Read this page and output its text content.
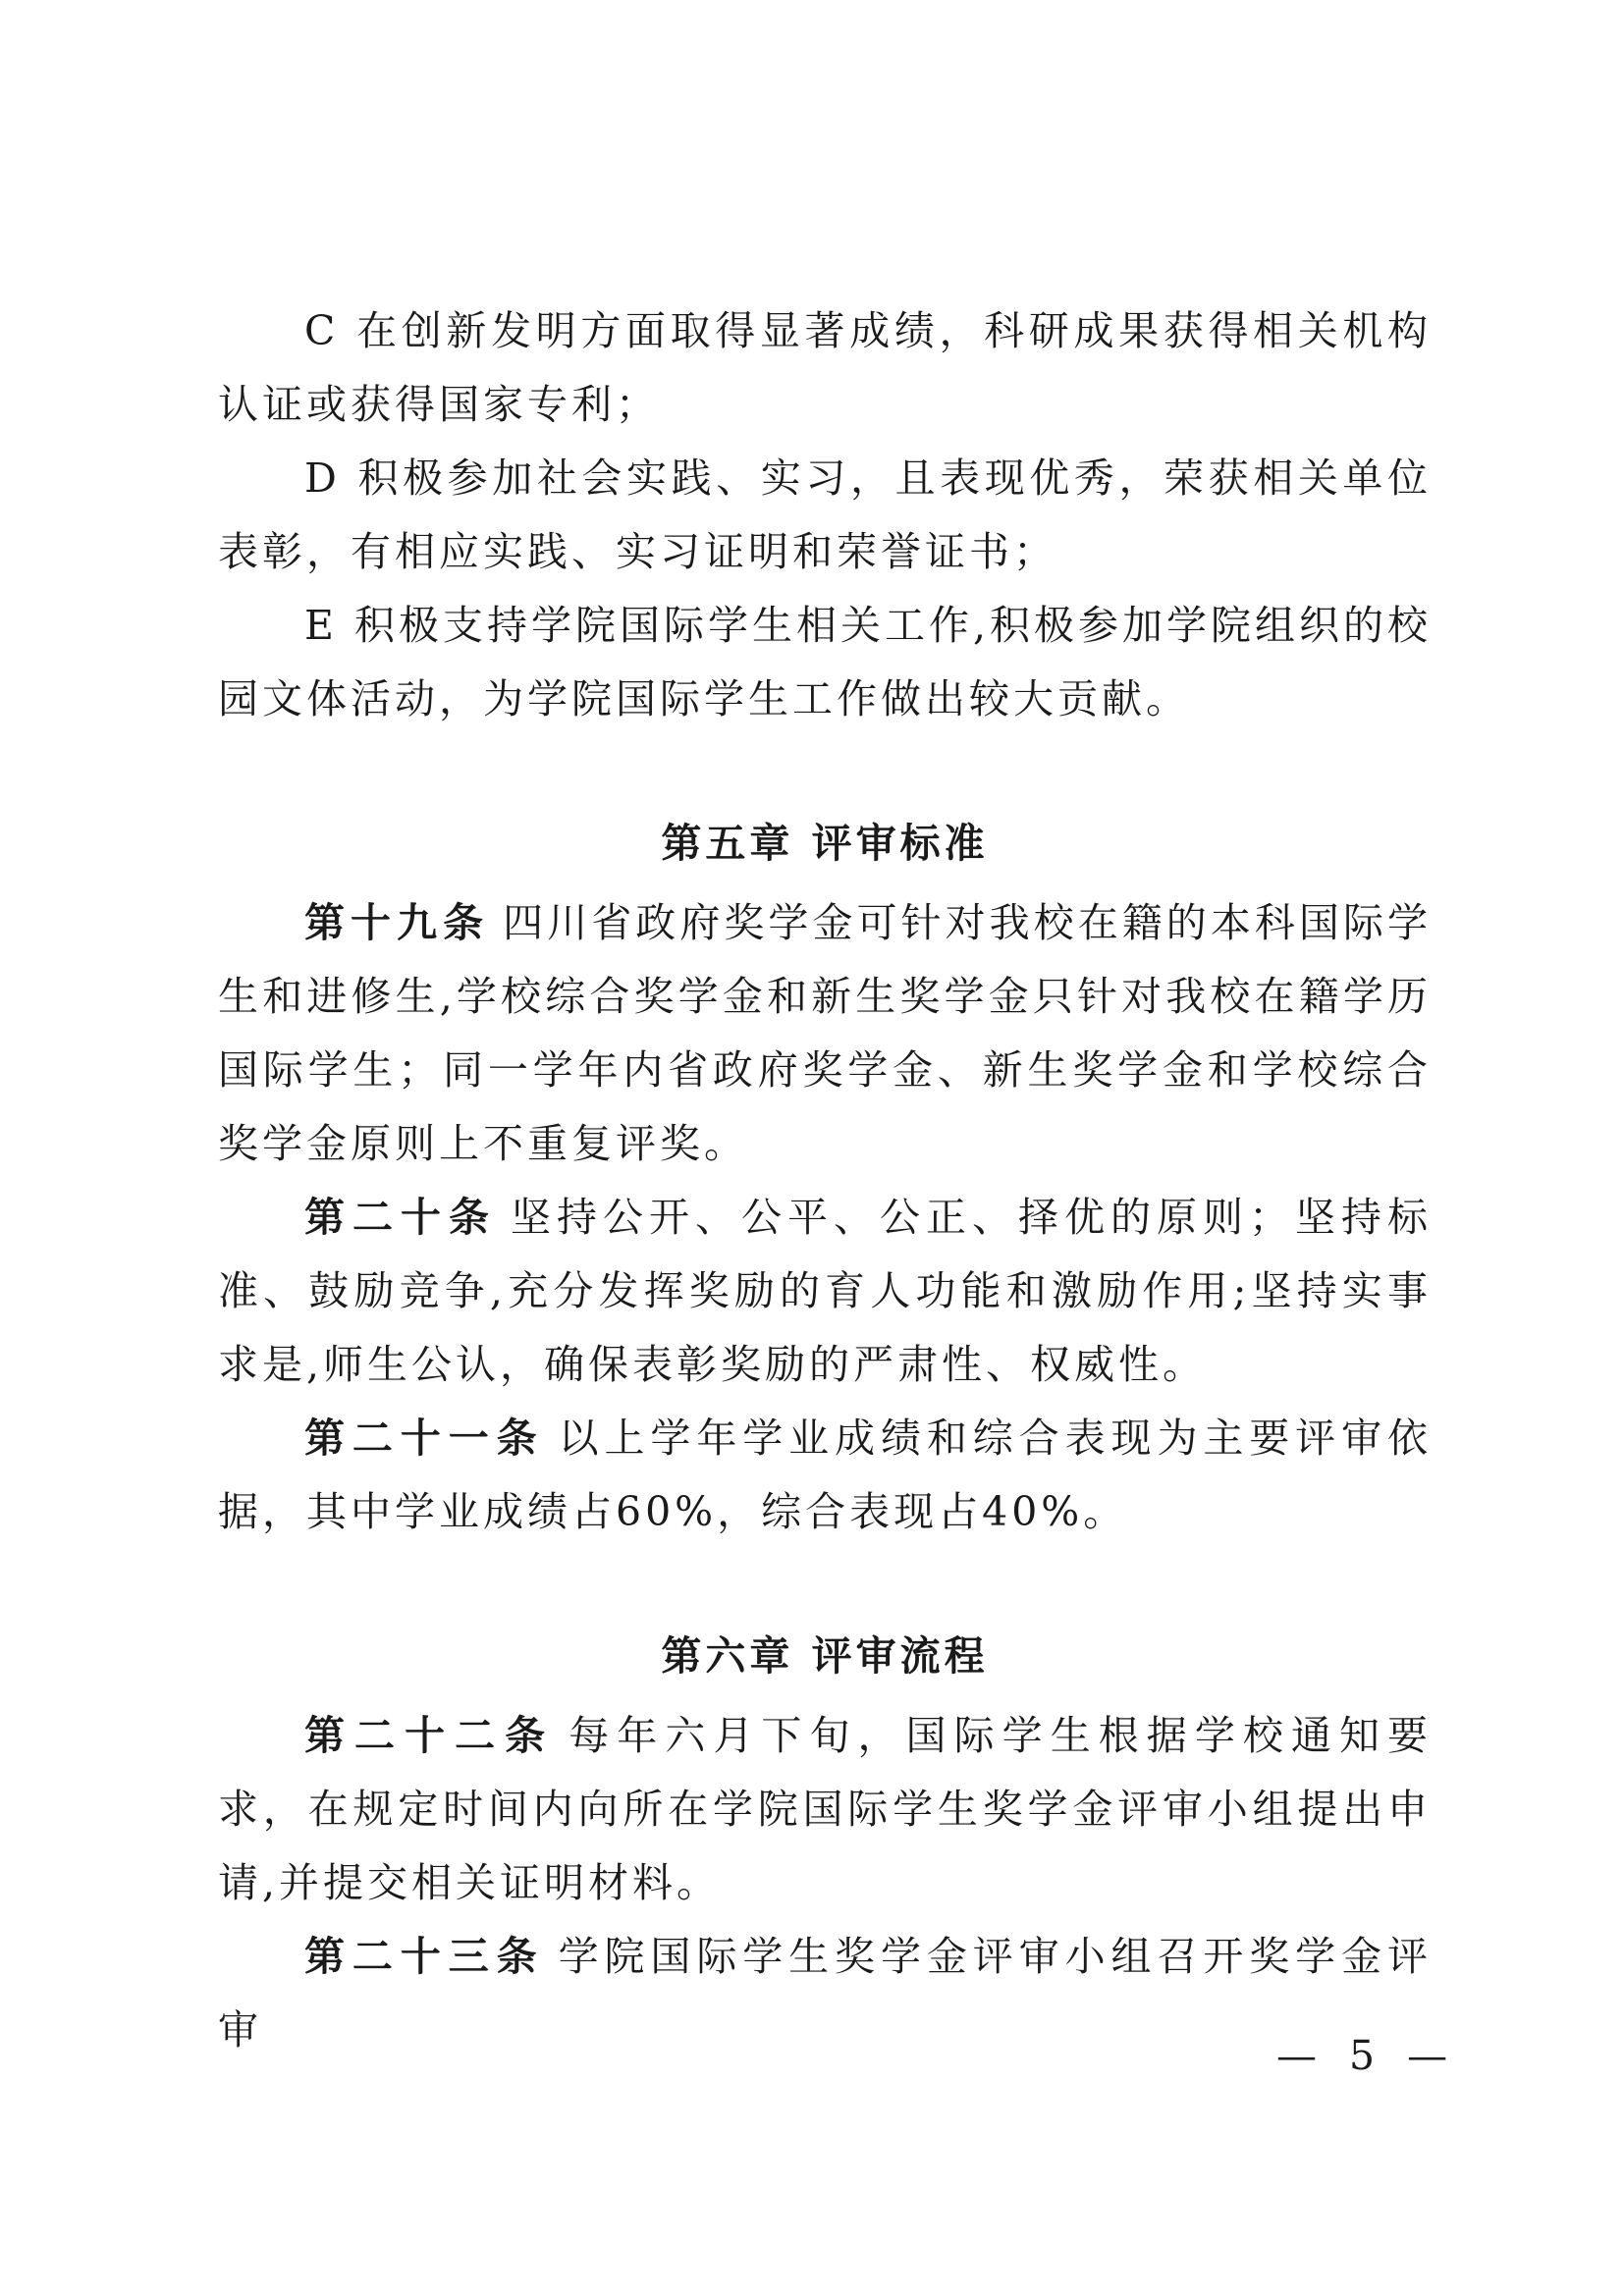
C 在创新发明方面取得显著成绩，科研成果获得相关机构认证或获得国家专利；

D 积极参加社会实践、实习，且表现优秀，荣获相关单位表彰，有相应实践、实习证明和荣誉证书；

E 积极支持学院国际学生相关工作,积极参加学院组织的校园文体活动，为学院国际学生工作做出较大贡献。

第五章 评审标准

第十九条 四川省政府奖学金可针对我校在籍的本科国际学生和进修生,学校综合奖学金和新生奖学金只针对我校在籍学历国际学生；同一学年内省政府奖学金、新生奖学金和学校综合奖学金原则上不重复评奖。

第二十条 坚持公开、公平、公正、择优的原则；坚持标准、鼓励竞争,充分发挥奖励的育人功能和激励作用;坚持实事求是,师生公认，确保表彰奖励的严肃性、权威性。

第二十一条 以上学年学业成绩和综合表现为主要评审依据，其中学业成绩占60%，综合表现占40%。

第六章 评审流程

第二十二条 每年六月下旬，国际学生根据学校通知要求，在规定时间内向所在学院国际学生奖学金评审小组提出申请,并提交相关证明材料。

第二十三条 学院国际学生奖学金评审小组召开奖学金评审

— 5 —
